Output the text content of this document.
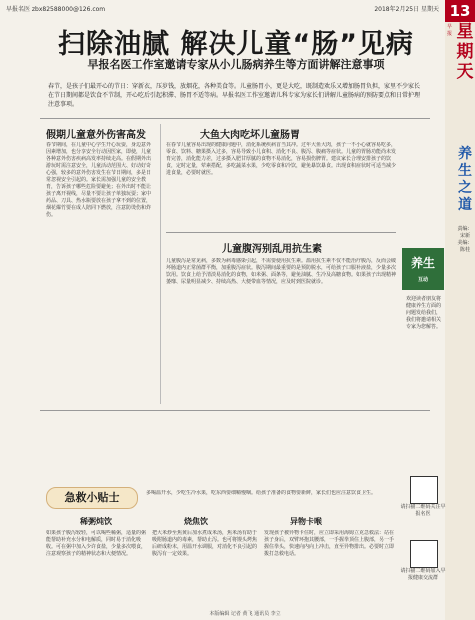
早报名医 zbx82588000@126.com	2018年2月25日 星期天 13
早报 星期天
养生之道
责编：宋新 美编：陈桂
扫除油腻 解决儿童“肠”见病
早报名医工作室邀请专家从小儿肠病养生等方面讲解注意事项
春节，是孩子们最开心的节日：穿新衣，压岁钱，放烟花，各种美食等。儿童肠胃小，更是大吃，既制造欢乐又增加肠胃负担，家里不少家长在节日期间都是饮食不节制，开心吃后引起积滞、肠胃不适等病。早报名医工作室邀请儿科专家为家长们讲解儿童肠病的预防要点和日常护理注意事项。
假期儿童意外伤害高发
春节期间，在儿童中心学生开心玩耍，身边意外因素增加，也分享安全行动因医家，即使，儿童各种意外伤害疾病高发率持续走高。在假期外出游玩时需注意安全，儿童活动范围大、好动好奇心强，较多的意外伤害发生在节日期间，多是日常忽视安全引起的。家长需加强儿童的安全教育，告诉孩子哪些危险要避免；在外出时不能让孩子离开视线，尽量不要让孩子单独玩耍；家中药品、刀具、热水瓶要放在孩子拿不到的位置，烟花爆竹要在成人陪同下燃放，注意防烫伤和炸伤。
大鱼大肉吃坏儿童肠胃
在春节儿童容易出现的健康问题中，消化系统疾病首当其冲。过年大鱼大肉，孩子一不小心就容易吃多，零食、饮料、糖果摄入过多，容易导致小儿食积、消化不良、腹泻、腹痛等症状。儿童的胃肠功能尚未发育完善，消化能力差，过多摄入肥甘厚腻的食物不易消化，容易损伤脾胃。建议家长合理安排孩子的饮食，定时定量，荤素搭配，多吃蔬菜水果，少吃零食和冷饮，避免暴饮暴食。出现食积症状时可适当减少进食量，必要时就医。
儿童腹泻别乱用抗生素
儿童腹泻是常见病，多数为病毒感染引起，不需要使用抗生素。滥用抗生素不仅不能治疗腹泻，反而会破坏肠道内正常菌群平衡，加重腹泻症状。腹泻期间最重要的是预防脱水，可给孩子口服补液盐，少量多次饮用。饮食上给予清淡易消化的食物，如米粥、面条等，避免油腻、生冷及高糖食物。如果孩子出现精神萎靡、尿量明显减少、持续高热、大便带血等情况，应及时到医院就诊。
养生
互动
欢迎读者朋友将健康养生方面的问题发给我们，我们将邀请相关专家为您解答。
急救小贴士	多喝温开水，少吃生冷水果，吃东西要细嚼慢咽。给孩子准备的食物要新鲜，家长们也应注意饮食卫生。
稀粥炖饮
如果孩子腹泻较轻，可以喝些稀粥，适量的粥能帮助补充水分和电解质，同时易于消化吸收。可在粥中加入少许食盐，少量多次喂食，注意观察孩子的精神状态和大便情况。
烧焦饮
把大米炒至焦黄后加水煮成米汤，焦米汤有助于吸附肠道内的毒素，帮助止泻。也可将馒头烤焦后研成粉末，用温开水调服，对消化不良引起的腹泻有一定效果。
异物卡喉
发现孩子被异物卡住时，应立即采用海姆立克急救法：站在孩子身后，双臂环抱其腰部，一手握拳顶住上腹部，另一手握住拳头，快速向内向上冲击，直至异物排出。必要时立即拨打急救电话。
请扫描二维码关注早报名医
请扫描二维码加入早报健康交流群
本版编辑 记者 黄飞 通讯员 李立
